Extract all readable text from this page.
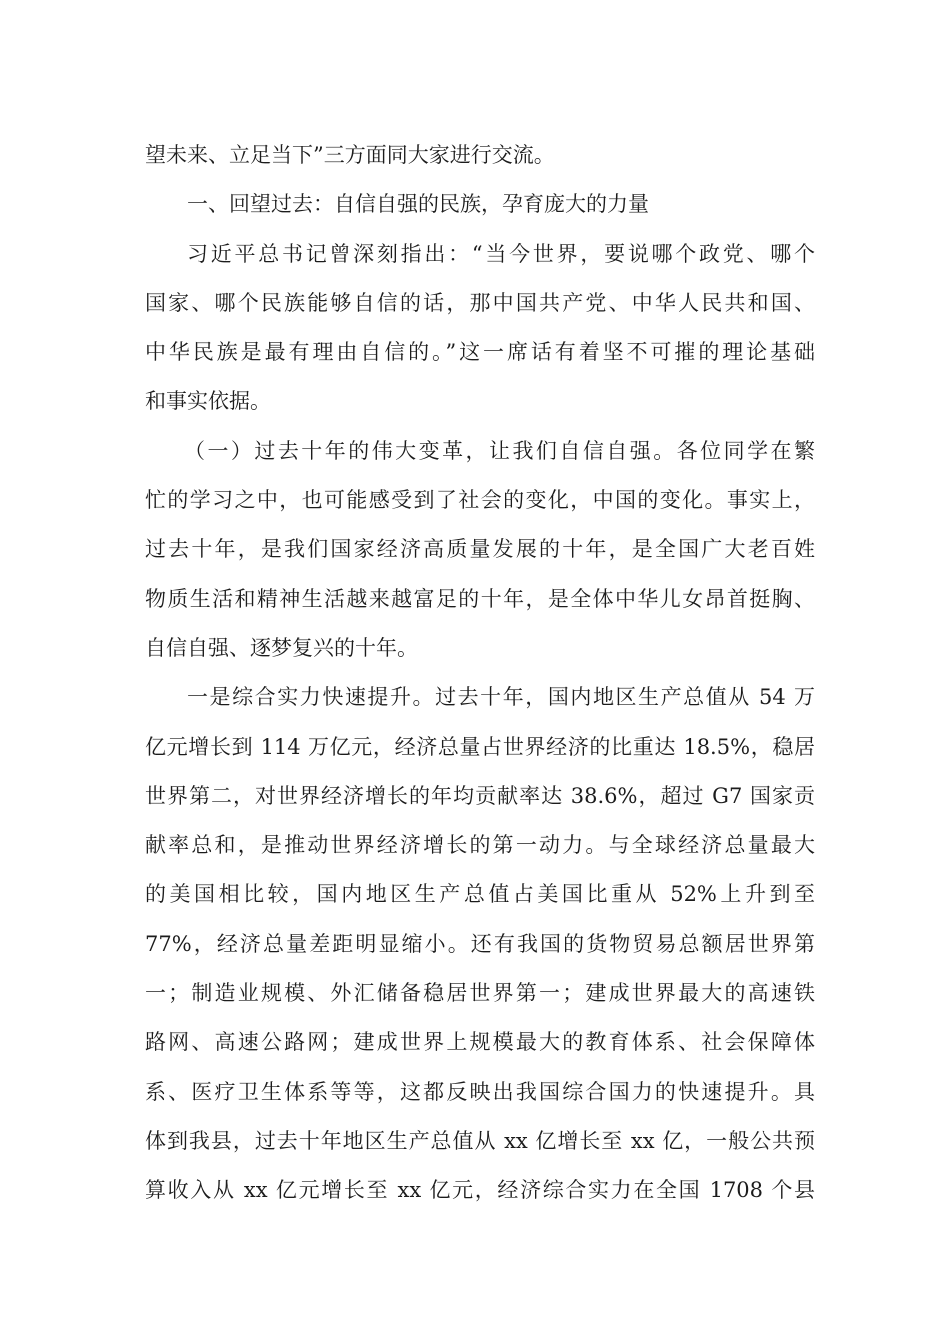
望未来、立足当下”三方面同大家进行交流。
一、回望过去：自信自强的民族，孕育庞大的力量
习近平总书记曾深刻指出：“当今世界，要说哪个政党、哪个
国家、哪个民族能够自信的话，那中国共产党、中华人民共和国、
中华民族是最有理由自信的。”这一席话有着坚不可摧的理论基础
和事实依据。
（一）过去十年的伟大变革，让我们自信自强。各位同学在繁
忙的学习之中，也可能感受到了社会的变化，中国的变化。事实上，
过去十年，是我们国家经济高质量发展的十年，是全国广大老百姓
物质生活和精神生活越来越富足的十年，是全体中华儿女昂首挺胸、
自信自强、逐梦复兴的十年。
一是综合实力快速提升。过去十年，国内地区生产总值从 54 万
亿元增长到 114 万亿元，经济总量占世界经济的比重达 18.5%，稳居
世界第二，对世界经济增长的年均贡献率达 38.6%，超过 G7 国家贡
献率总和，是推动世界经济增长的第一动力。与全球经济总量最大
的美国相比较，国内地区生产总值占美国比重从 52%上升到至
77%，经济总量差距明显缩小。还有我国的货物贸易总额居世界第
一；制造业规模、外汇储备稳居世界第一；建成世界最大的高速铁
路网、高速公路网；建成世界上规模最大的教育体系、社会保障体
系、医疗卫生体系等等，这都反映出我国综合国力的快速提升。具
体到我县，过去十年地区生产总值从 xx 亿增长至 xx 亿，一般公共预
算收入从 xx 亿元增长至 xx 亿元，经济综合实力在全国 1708 个县
